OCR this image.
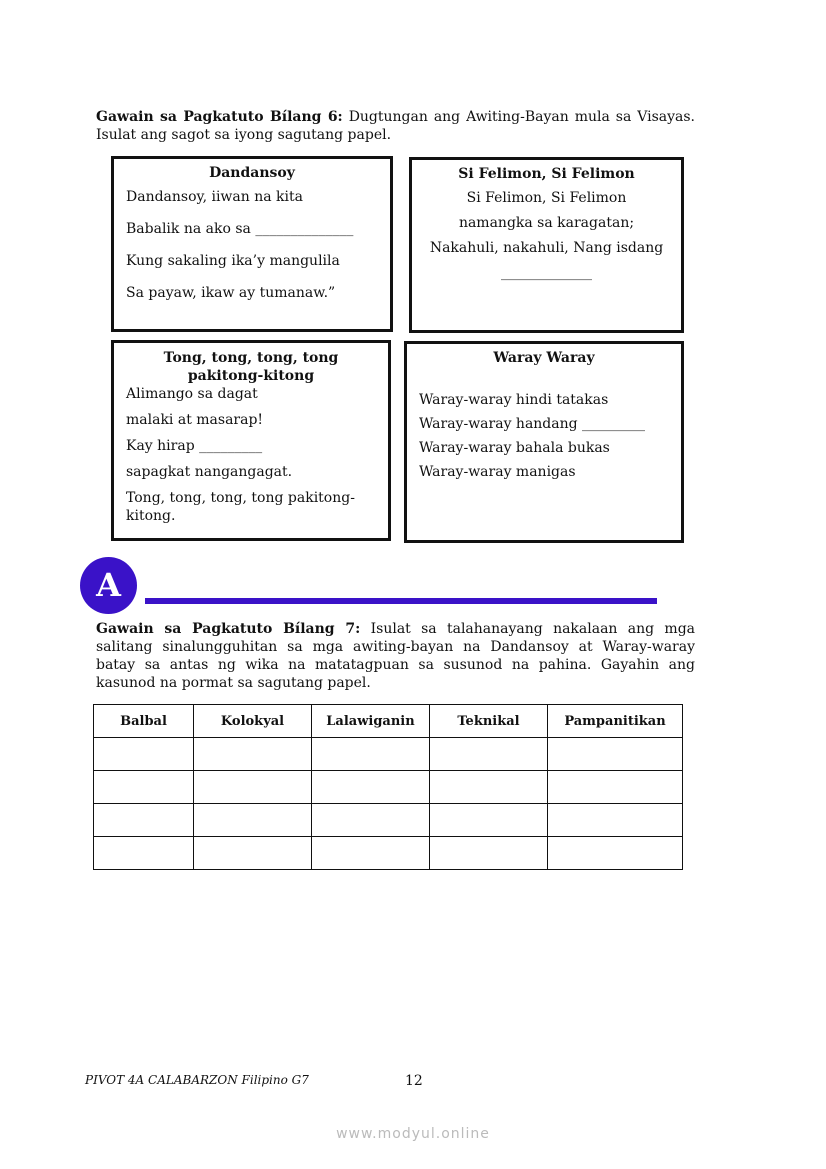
Gawain sa Pagkatuto Bílang 6: Dugtungan ang Awiting-Bayan mula sa Visayas. Isulat ang sagot sa iyong sagutang papel.
Dandansoy

Dandansoy, iiwan na kita

Babalik na ako sa ______________

Kung sakaling ika’y mangulila

Sa payaw, ikaw ay tumanaw.”

Si Felimon, Si Felimon

Si Felimon, Si Felimon

namangka sa karagatan;

Nakahuli, nakahuli, Nang isdang

_____________

Tong, tong, tong, tong pakitong-kitong

Alimango sa dagat

malaki at masarap!

Kay hirap _________

sapagkat nangangagat.

Tong, tong, tong, tong pakitong-kitong.

Waray Waray

Waray-waray hindi tatakas

Waray-waray handang _________

Waray-waray bahala bukas

Waray-waray manigas

A
Gawain sa Pagkatuto Bílang 7: Isulat sa talahanayang nakalaan ang mga salitang sinalungguhitan sa mga awiting-bayan na Dandansoy at Waray-waray batay sa antas ng wika na matatagpuan sa susunod na pahina. Gayahin ang kasunod na pormat sa sagutang papel.
Balbal	Kolokyal	Lalawiganin	Teknikal	Pampanitikan

PIVOT 4A CALABARZON Filipino G7	12
www.modyul.online
